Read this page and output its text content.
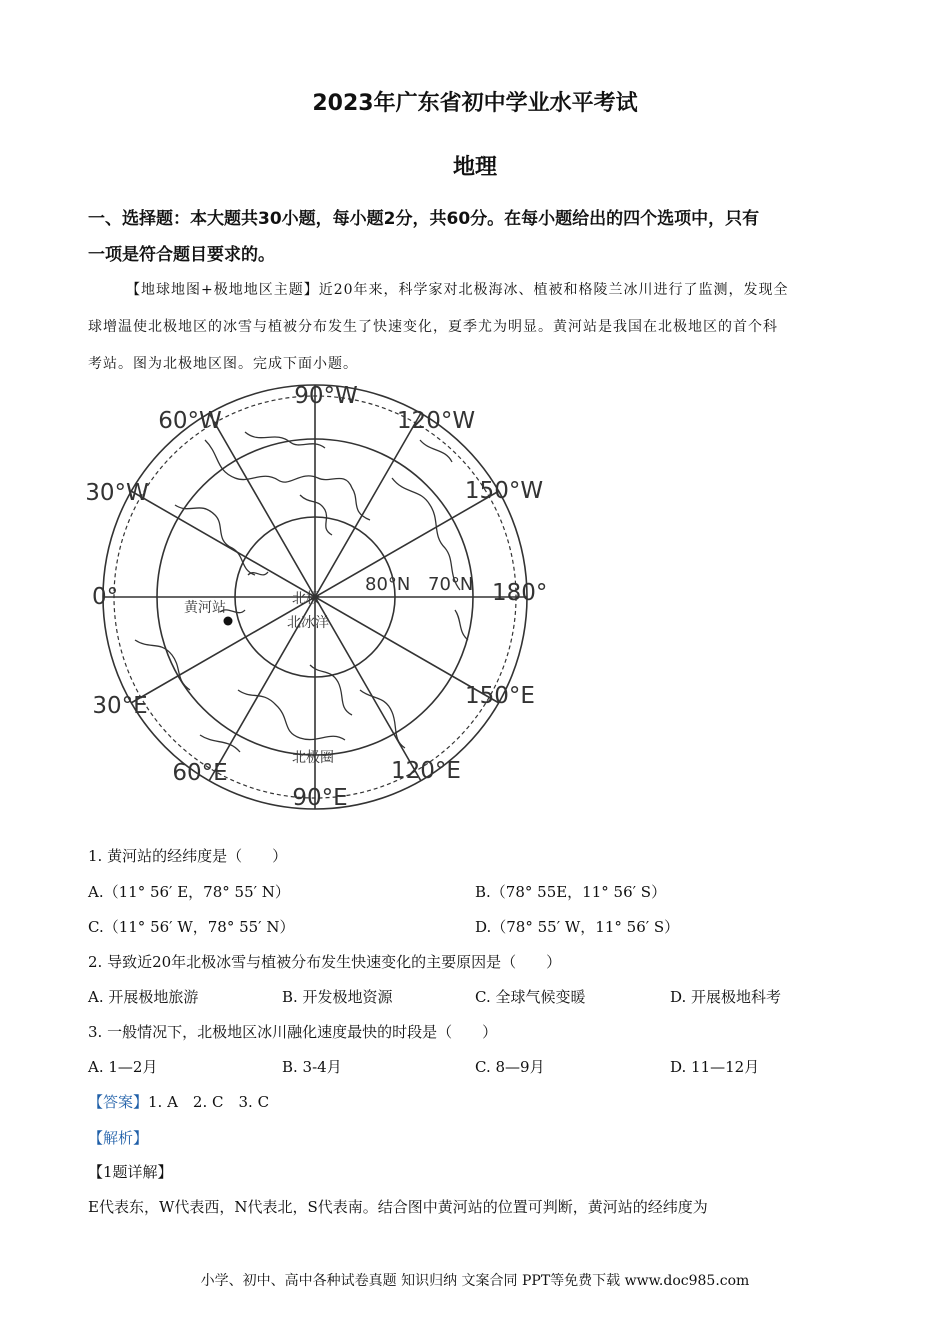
2023年广东省初中学业水平考试
地理
一、选择题：本大题共30小题，每小题2分，共60分。在每小题给出的四个选项中，只有
一项是符合题目要求的。
【地球地图+极地地区主题】近20年来，科学家对北极海冰、植被和格陵兰冰川进行了监测，发现全
球增温使北极地区的冰雪与植被分布发生了快速变化，夏季尤为明显。黄河站是我国在北极地区的首个科
考站。图为北极地区图。完成下面小题。
90°W
60°W	120°W
30°W	150°W
0°	180°
30°E	150°E
60°E	120°E
90°E
80°N 70°N
北极
北冰洋
黄河站
北极圈
1. 黄河站的经纬度是（　　）
A.（11° 56′ E，78° 55′ N）	B.（78° 55E，11° 56′ S）
C.（11° 56′ W，78° 55′ N）	D.（78° 55′ W，11° 56′ S）
2. 导致近20年北极冰雪与植被分布发生快速变化的主要原因是（　　）
A. 开展极地旅游	B. 开发极地资源	C. 全球气候变暖	D. 开展极地科考
3. 一般情况下，北极地区冰川融化速度最快的时段是（　　）
A. 1—2月	B. 3-4月	C. 8—9月	D. 11—12月
【答案】1. A　2. C　3. C
【解析】
【1题详解】
E代表东，W代表西，N代表北，S代表南。结合图中黄河站的位置可判断，黄河站的经纬度为
小学、初中、高中各种试卷真题 知识归纳 文案合同 PPT等免费下载 www.doc985.com
